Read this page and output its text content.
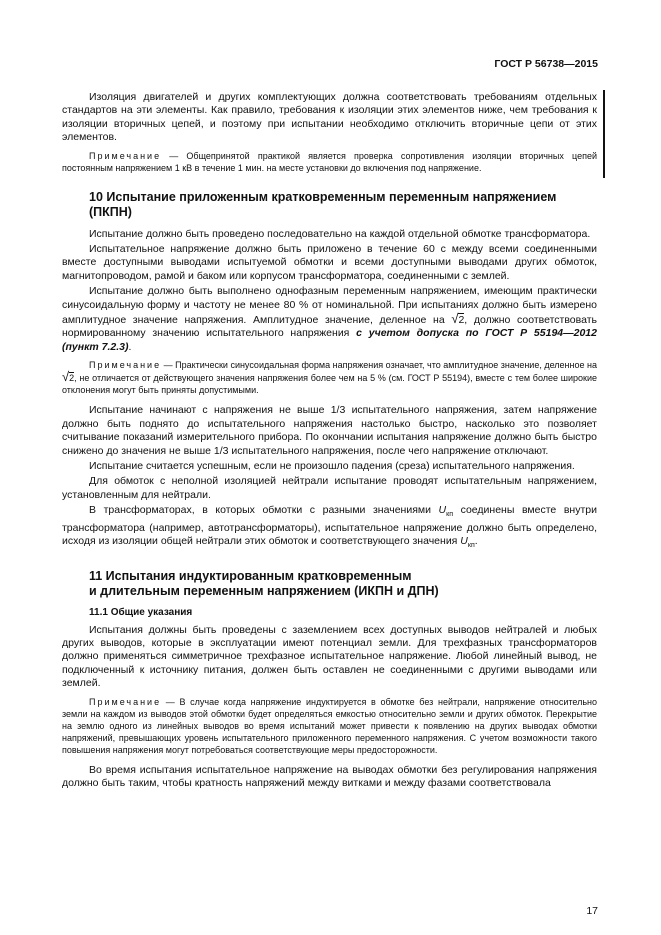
ГОСТ Р 56738—2015

Изоляция двигателей и других комплектующих должна соответствовать требованиям отдельных стандартов на эти элементы. Как правило, требования к изоляции этих элементов ниже, чем требования к изоляции вторичных цепей, и поэтому при испытании необходимо отключить вторичные цепи от этих элементов.

Примечание — Общепринятой практикой является проверка сопротивления изоляции вторичных цепей постоянным напряжением 1 кВ в течение 1 мин. на месте установки до включения под напряжение.

10 Испытание приложенным кратковременным переменным напряжением (ПКПН)

Испытание должно быть проведено последовательно на каждой отдельной обмотке трансформатора.

Испытательное напряжение должно быть приложено в течение 60 с между всеми соединенными вместе доступными выводами испытуемой обмотки и всеми доступными выводами других обмоток, магнитопроводом, рамой и баком или корпусом трансформатора, соединенными с землей.

Испытание должно быть выполнено однофазным переменным напряжением, имеющим практически синусоидальную форму и частоту не менее 80 % от номинальной. При испытаниях должно быть измерено амплитудное значение напряжения. Амплитудное значение, деленное на √2, должно соответствовать нормированному значению испытательного напряжения с учетом допуска по ГОСТ Р 55194—2012 (пункт 7.2.3).

Примечание — Практически синусоидальная форма напряжения означает, что амплитудное значение, деленное на √2, не отличается от действующего значения напряжения более чем на 5 % (см. ГОСТ Р 55194), вместе с тем более широкие отклонения могут быть приняты допустимыми.

Испытание начинают с напряжения не выше 1/3 испытательного напряжения, затем напряжение должно быть поднято до испытательного напряжения настолько быстро, насколько это позволяет считывание показаний измерительного прибора. По окончании испытания напряжение должно быть быстро снижено до значения не выше 1/3 испытательного напряжения, после чего напряжение отключают.

Испытание считается успешным, если не произошло падения (среза) испытательного напряжения.

Для обмоток с неполной изоляцией нейтрали испытание проводят испытательным напряжением, установленным для нейтрали.

В трансформаторах, в которых обмотки с разными значениями $U_{кп}$ соединены вместе внутри трансформатора (например, автотрансформаторы), испытательное напряжение должно быть определено, исходя из изоляции общей нейтрали этих обмоток и соответствующего значения $U_{кп}$.

11 Испытания индуктированным кратковременным
и длительным переменным напряжением (ИКПН и ДПН)
11.1 Общие указания

Испытания должны быть проведены с заземлением всех доступных выводов нейтралей и любых других выводов, которые в эксплуатации имеют потенциал земли. Для трехфазных трансформаторов должно применяться симметричное трехфазное испытательное напряжение. Любой линейный вывод, не подключенный к источнику питания, должен быть оставлен не соединенными с другими выводами или землей.

Примечание — В случае когда напряжение индуктируется в обмотке без нейтрали, напряжение относительно земли на каждом из выводов этой обмотки будет определяться емкостью относительно земли и других обмоток. Перекрытие на землю одного из линейных выводов во время испытаний может привести к появлению на других выводах обмотки напряжений, превышающих уровень испытательного приложенного переменного напряжения. С учетом возможности такого повышения напряжения могут потребоваться соответствующие меры предосторожности.

Во время испытания испытательное напряжение на выводах обмотки без регулирования напряжения должно быть таким, чтобы кратность напряжений между витками и между фазами соответствовала

17
